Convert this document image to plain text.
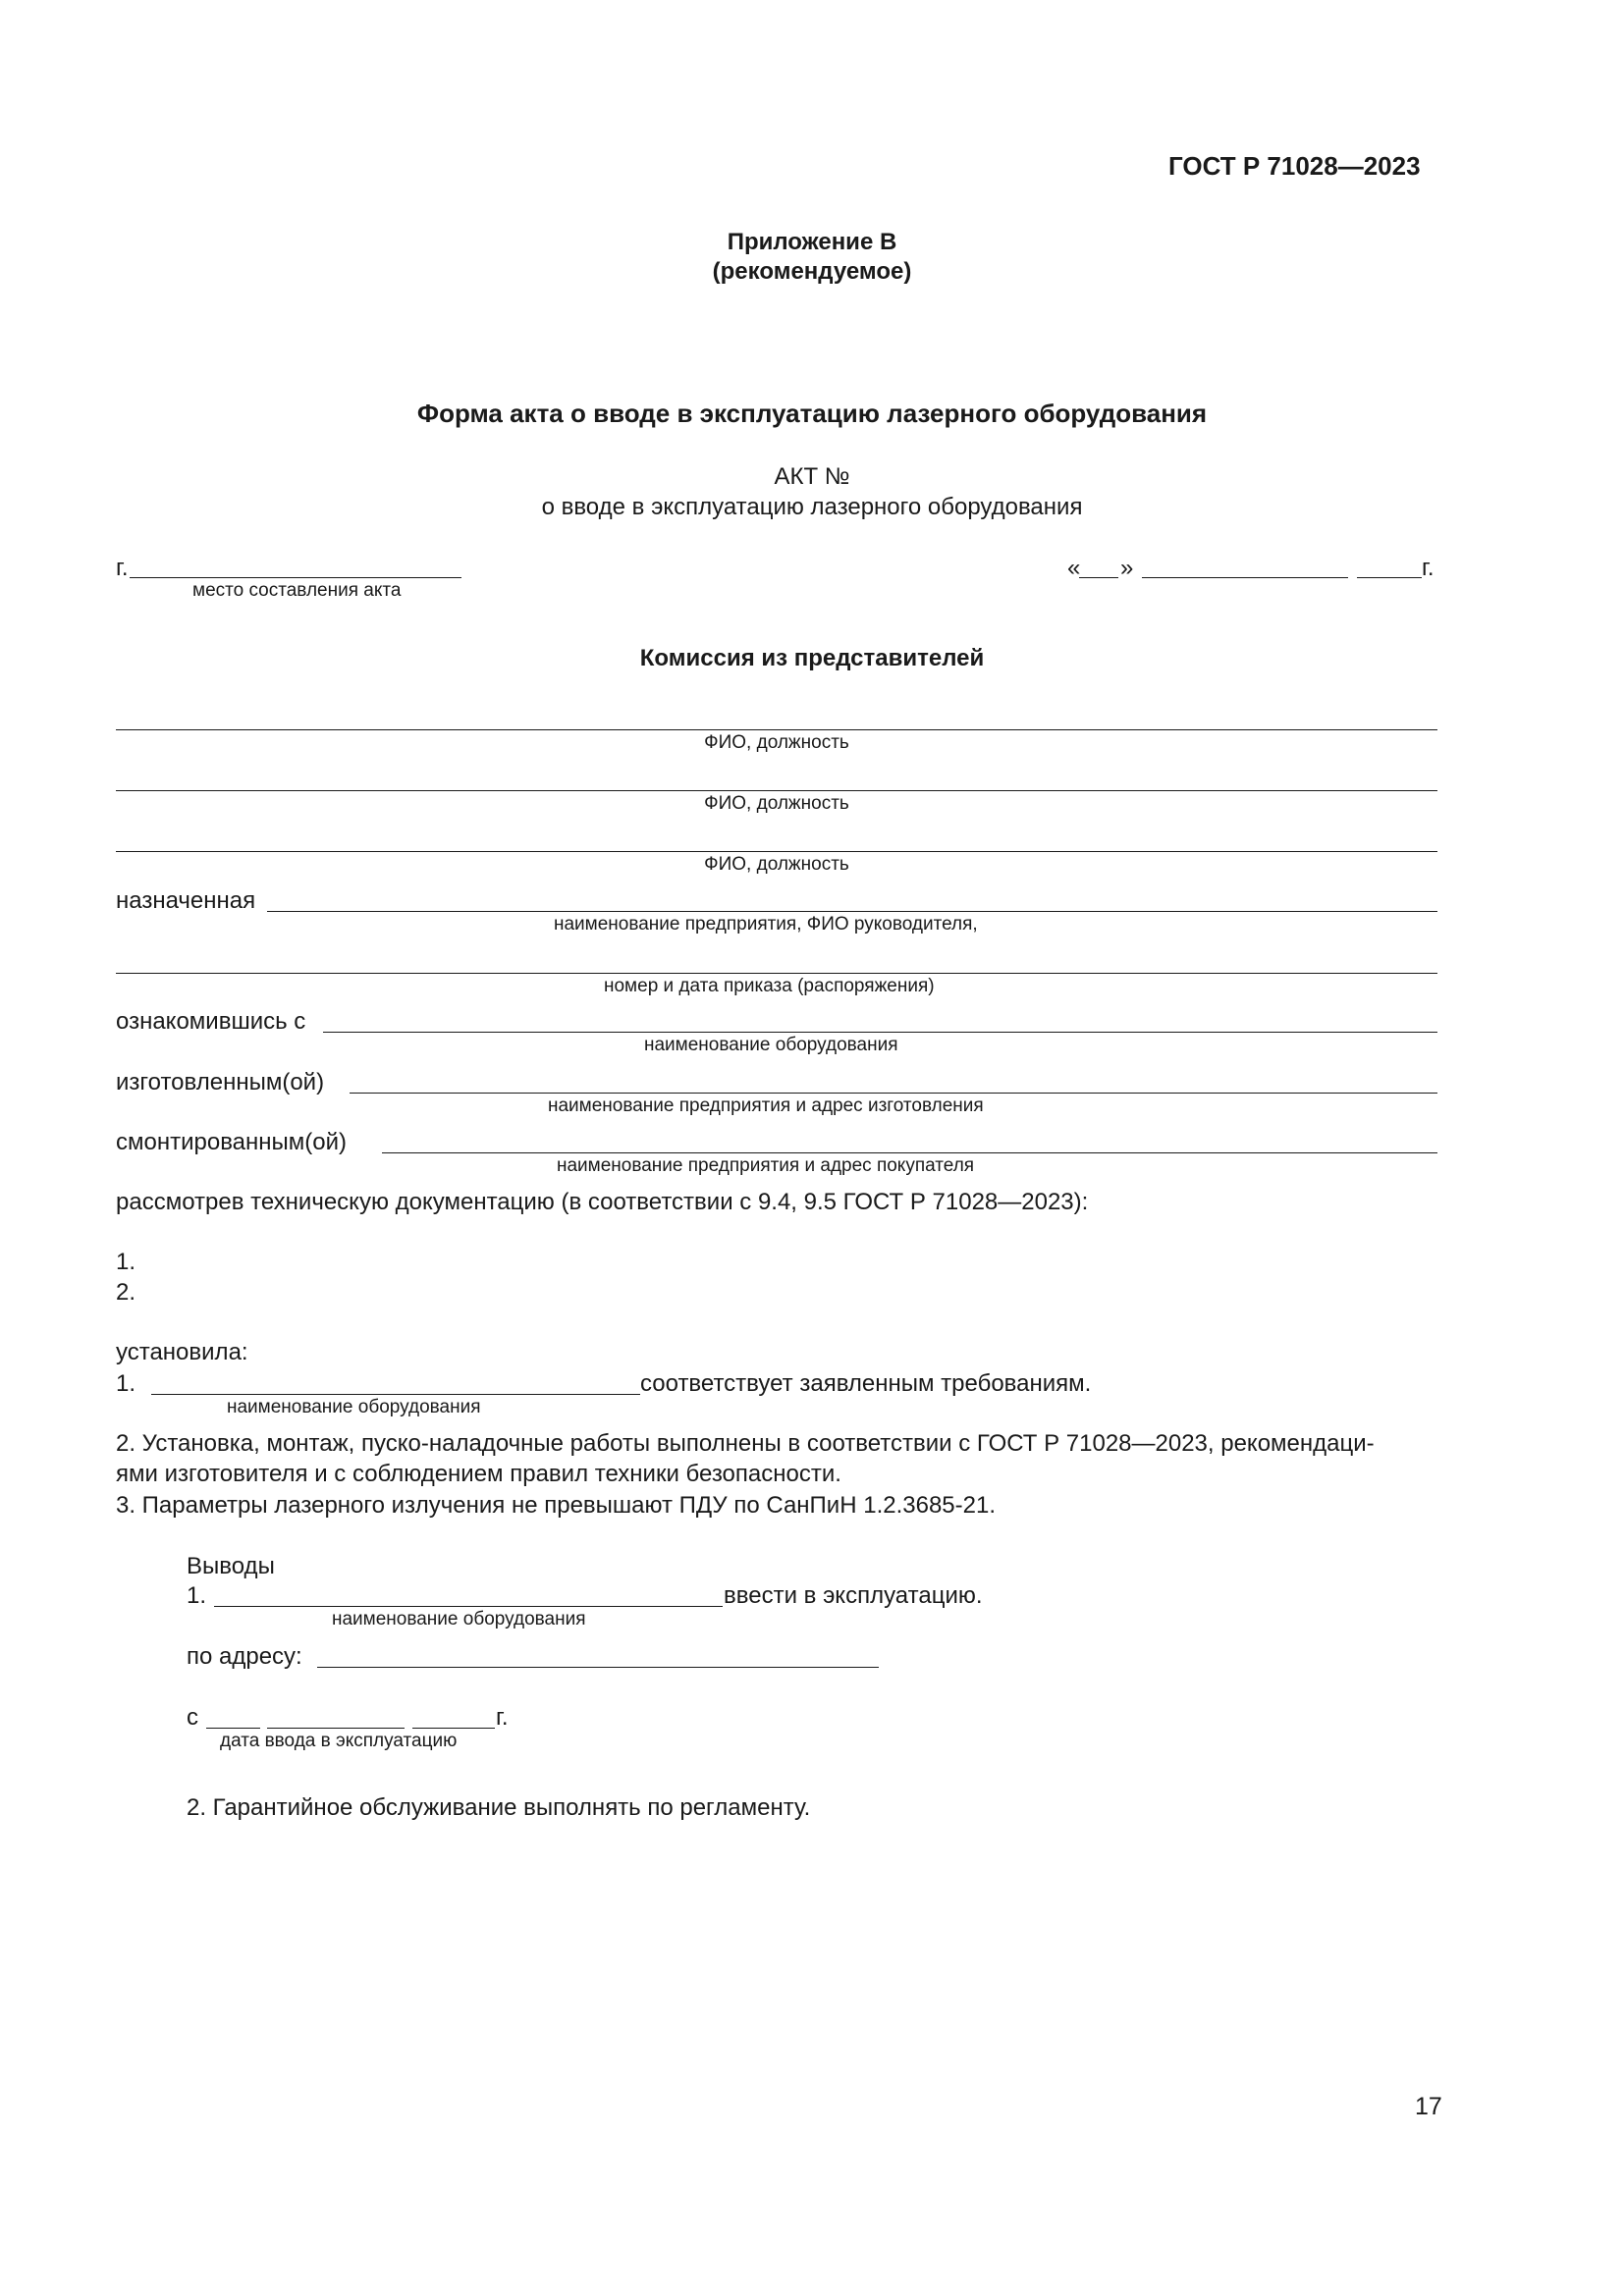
ГОСТ Р 71028—2023
Приложение В
(рекомендуемое)
Форма акта о вводе в эксплуатацию лазерного оборудования
АКТ №
о вводе в эксплуатацию лазерного оборудования
г.
место составления акта
« »	г.
Комиссия из представителей
ФИО, должность
ФИО, должность
ФИО, должность
назначенная
наименование предприятия, ФИО руководителя,
номер и дата приказа (распоряжения)
ознакомившись с
наименование оборудования
изготовленным(ой)
наименование предприятия и адрес изготовления
смонтированным(ой)
наименование предприятия и адрес покупателя
рассмотрев техническую документацию (в соответствии с 9.4, 9.5 ГОСТ Р 71028—2023):
1.
2.
установила:
1.	соответствует заявленным требованиям.
наименование оборудования
2. Установка, монтаж, пуско-наладочные работы выполнены в соответствии с ГОСТ Р 71028—2023, рекомендаци-
ями изготовителя и с соблюдением правил техники безопасности.
3. Параметры лазерного излучения не превышают ПДУ по СанПиН 1.2.3685-21.
Выводы
1.	ввести в эксплуатацию.
наименование оборудования
по адресу:
с	г.
дата ввода в эксплуатацию
2. Гарантийное обслуживание выполнять по регламенту.
17
